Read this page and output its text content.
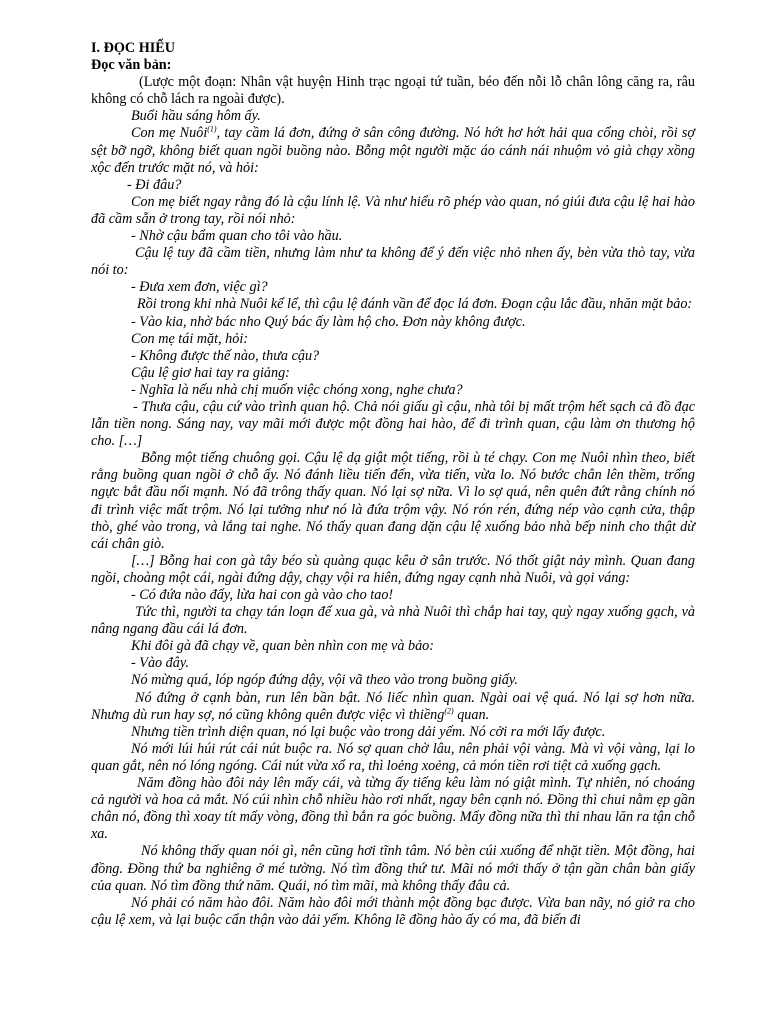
I. ĐỌC HIỂU

Đọc văn bản:

(Lược một đoạn: Nhân vật huyện Hinh trạc ngoại tứ tuần, béo đến nỗi lỗ chân lông căng ra, râu không có chỗ lách ra ngoài được).

Buổi hầu sáng hôm ấy.

Con mẹ Nuôi$^{(1)}$, tay cầm lá đơn, đứng ở sân công đường. Nó hớt hơ hớt hải qua cổng chòi, rồi sợ sệt bỡ ngỡ, không biết quan ngồi buồng nào. Bỗng một người mặc áo cánh nái nhuộm vỏ già chạy xồng xộc đến trước mặt nó, và hỏi:

- Đi đâu?

Con mẹ biết ngay rằng đó là cậu lính lệ. Và như hiểu rõ phép vào quan, nó giúi đưa cậu lệ hai hào đã cầm sẵn ở trong tay, rồi nói nhỏ:

- Nhờ cậu bẩm quan cho tôi vào hầu.

Cậu lệ tuy đã cầm tiền, nhưng làm như ta không để ý đến việc nhỏ nhen ấy, bèn vừa thò tay, vừa nói to:

- Đưa xem đơn, việc gì?

Rồi trong khi nhà Nuôi kể lể, thì cậu lệ đánh vần để đọc lá đơn. Đoạn cậu lắc đầu, nhăn mặt bảo:

- Vào kia, nhờ bác nho Quý bác ấy làm hộ cho. Đơn này không được.

Con mẹ tái mặt, hỏi:

- Không được thế nào, thưa cậu?

Cậu lệ giơ hai tay ra giảng:

- Nghĩa là nếu nhà chị muốn việc chóng xong, nghe chưa?

- Thưa cậu, cậu cứ vào trình quan hộ. Chả nói giấu gì cậu, nhà tôi bị mất trộm hết sạch cả đồ đạc lẫn tiền nong. Sáng nay, vay mãi mới được một đồng hai hào, để đi trình quan, cậu làm ơn thương hộ cho. […]

Bỗng một tiếng chuông gọi. Cậu lệ dạ giật một tiếng, rồi ù té chạy. Con mẹ Nuôi nhìn theo, biết rằng buồng quan ngồi ở chỗ ấy. Nó đánh liều tiến đến, vừa tiến, vừa lo. Nó bước chân lên thềm, trống ngực bắt đầu nổi mạnh. Nó đã trông thấy quan. Nó lại sợ nữa. Vì lo sợ quá, nên quên đứt rằng chính nó đi trình việc mất trộm. Nó lại tưởng như nó là đứa trộm vậy. Nó rón rén, đứng nép vào cạnh cửa, thập thò, ghé vào trong, và lắng tai nghe. Nó thấy quan đang dặn cậu lệ xuống bảo nhà bếp ninh cho thật dừ cái chân giò.

[…] Bỗng hai con gà tây béo sù quàng quạc kêu ở sân trước. Nó thốt giật nảy mình. Quan đang ngồi, choàng một cái, ngài đứng dậy, chạy vội ra hiên, đứng ngay cạnh nhà Nuôi, và gọi váng:

- Có đứa nào đấy, lừa hai con gà vào cho tao!

Tức thì, người ta chạy tán loạn để xua gà, và nhà Nuôi thì chắp hai tay, quỳ ngay xuống gạch, và nâng ngang đầu cái lá đơn.

Khi đôi gà đã chạy về, quan bèn nhìn con mẹ và bảo:

- Vào đây.

Nó mừng quá, lóp ngóp đứng dậy, vội vã theo vào trong buồng giấy.

Nó đứng ở cạnh bàn, run lên bần bật. Nó liếc nhìn quan. Ngài oai vệ quá. Nó lại sợ hơn nữa. Nhưng dù run hay sợ, nó cũng không quên được việc vì thiềng$^{(2)}$ quan.

Nhưng tiền trình diện quan, nó lại buộc vào trong dải yếm. Nó cởi ra mới lấy được.

Nó mới lúi húi rút cái nút buộc ra. Nó sợ quan chờ lâu, nên phải vội vàng. Mà vì vội vàng, lại lo quan gắt, nên nó lóng ngóng. Cái nút vừa xổ ra, thì loẻng xoẻng, cả món tiền rơi tiệt cả xuống gạch.

Năm đồng hào đôi nảy lên mấy cái, và từng ấy tiếng kêu làm nó giật mình. Tự nhiên, nó choáng cả người và hoa cả mắt. Nó cúi nhìn chỗ nhiều hào rơi nhất, ngay bên cạnh nó. Đồng thì chui nằm ẹp gần chân nó, đồng thì xoay tít mấy vòng, đồng thì bắn ra góc buồng. Mấy đồng nữa thì thi nhau lăn ra tận chỗ xa.

Nó không thấy quan nói gì, nên cũng hơi tĩnh tâm. Nó bèn cúi xuống để nhặt tiền. Một đồng, hai đồng. Đồng thứ ba nghiêng ở mé tường. Nó tìm đồng thứ tư. Mãi nó mới thấy ở tận gần chân bàn giấy của quan. Nó tìm đồng thứ năm. Quái, nó tìm mãi, mà không thấy đâu cả.

Nó phải có năm hào đôi. Năm hào đôi mới thành một đồng bạc được. Vừa ban nãy, nó giở ra cho cậu lệ xem, và lại buộc cẩn thận vào dải yếm. Không lẽ đồng hào ấy có ma, đã biến đi
